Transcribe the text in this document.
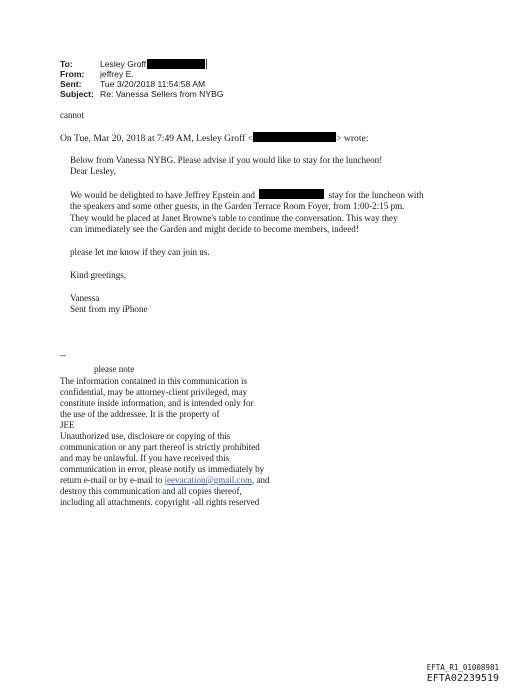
To:	Lesley Groff
From:	jeffrey E.
Sent:	Tue 3/20/2018 11:54:58 AM
Subject: Re: Vanessa Sellers from NYBG
cannot
On Tue, Mar 20, 2018 at 7:49 AM, Lesley Groff <	> wrote:
Below from Vanessa NYBG. Please advise if you would like to stay for the luncheon!
Dear Lesley,
We would be delighted to have Jeffrey Epstein and	stay for the luncheon with
the speakers and some other guests, in the Garden Terrace Room Foyer, from 1:00-2:15 pm.
They would be placed at Janet Browne's table to continue the conversation. This way they
can immediately see the Garden and might decide to become members, indeed!
please let me know if they can join us.
Kind greetings,
Vanessa
Sent from my iPhone
--
please note
The information contained in this communication is
confidential, may be attorney-client privileged, may
constitute inside information, and is intended only for
the use of the addressee. It is the property of
JEE
Unauthorized use, disclosure or copying of this
communication or any part thereof is strictly prohibited
and may be unlawful. If you have received this
communication in error, please notify us immediately by
return e-mail or by e-mail to jeevacation@gmail.com, and
destroy this communication and all copies thereof,
including all attachments. copyright -all rights reserved
EFTA_R1_01008981
EFTA02239519
